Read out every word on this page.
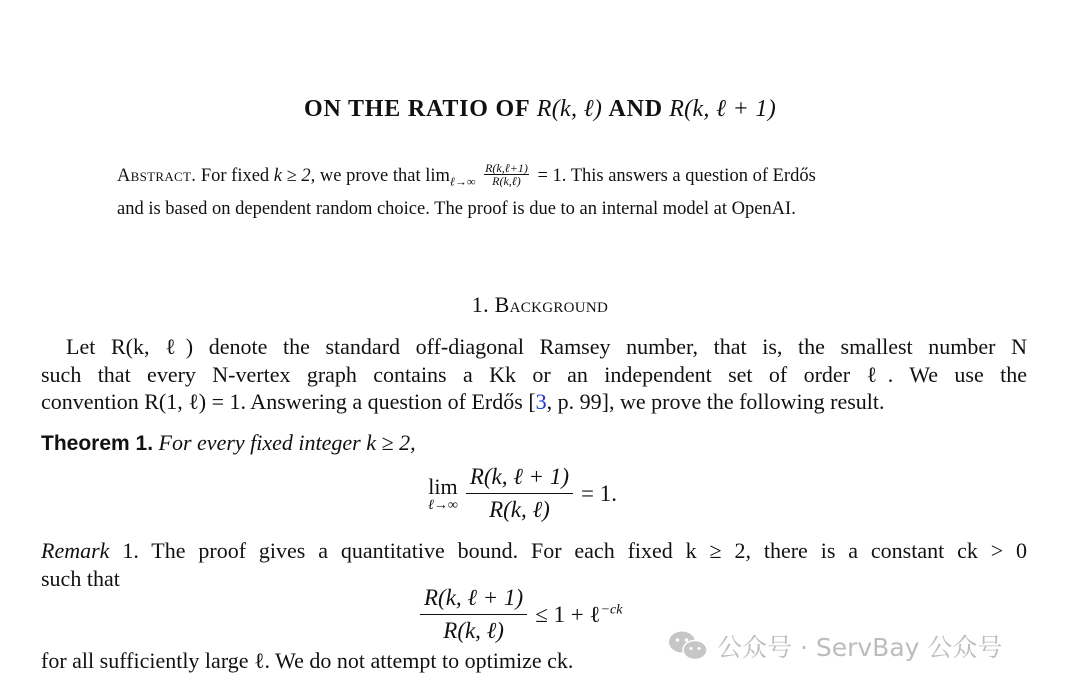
ON THE RATIO OF R(k, ℓ) AND R(k, ℓ + 1)
Abstract. For fixed k ≥ 2, we prove that $\lim_{\ell\to\infty} \frac{\text{R(k,ℓ+1)}}{\text{R(k,ℓ)}} = 1$. This answers a question of Erdős
and is based on dependent random choice. The proof is due to an internal model at OpenAI.
1. Background
Let R(k, ℓ) denote the standard off-diagonal Ramsey number, that is, the smallest number N
such that every N-vertex graph contains a Kk or an independent set of order ℓ. We use the
convention R(1, ℓ) = 1. Answering a question of Erdős [3, p. 99], we prove the following result.
Theorem 1. For every fixed integer k ≥ 2,
lim
ℓ→∞ $\frac{\text{R(k, ℓ + 1)}}{\text{R(k, ℓ)}} = 1$.
Remark 1. The proof gives a quantitative bound. For each fixed k ≥ 2, there is a constant ck > 0
such that
$\frac{\text{R(k, ℓ + 1)}}{\text{R(k, ℓ)}} \le 1$ + ℓ$^{-ck}$
for all sufficiently large ℓ. We do not attempt to optimize ck.	公众号 · ServBay 公众号
